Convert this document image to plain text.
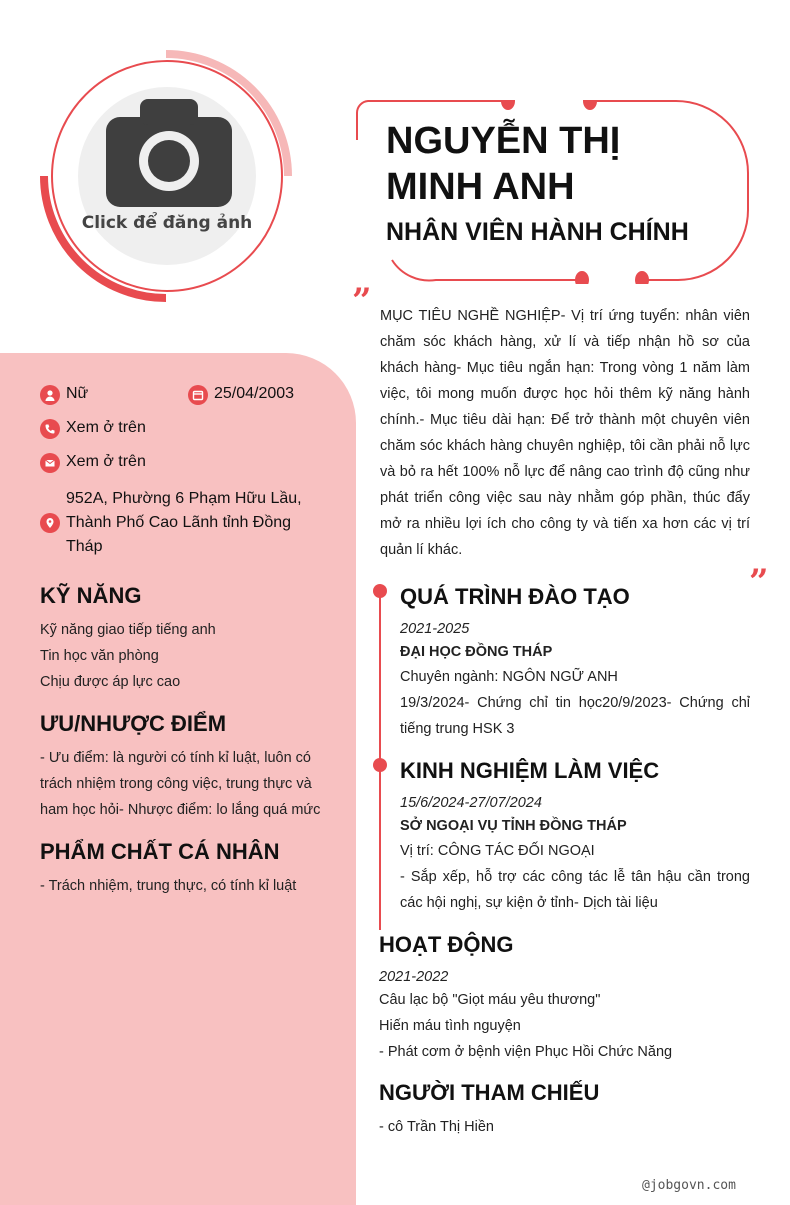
Click để đăng ảnh
NGUYỄN THỊ MINH ANH
NHÂN VIÊN HÀNH CHÍNH
”
”
MỤC TIÊU NGHỀ NGHIỆP- Vị trí ứng tuyển: nhân viên chăm sóc khách hàng, xử lí và tiếp nhận hồ sơ của khách hàng- Mục tiêu ngắn hạn: Trong vòng 1 năm làm việc, tôi mong muốn được học hỏi thêm kỹ năng hành chính.- Mục tiêu dài hạn: Để trở thành một chuyên viên chăm sóc khách hàng chuyên nghiệp, tôi cần phải nỗ lực và bỏ ra hết 100% nỗ lực để nâng cao trình độ cũng như phát triển công việc sau này nhằm góp phần, thúc đẩy mở ra nhiều lợi ích cho công ty và tiến xa hơn các vị trí quản lí khác.
Nữ	25/04/2003
Xem ở trên
Xem ở trên
952A, Phường 6 Phạm Hữu Lầu, Thành Phố Cao Lãnh tỉnh Đồng Tháp
KỸ NĂNG
Kỹ năng giao tiếp tiếng anh
Tin học văn phòng
Chịu được áp lực cao
ƯU/NHƯỢC ĐIỂM
- Ưu điểm: là người có tính kỉ luật, luôn có trách nhiệm trong công việc, trung thực và ham học hỏi- Nhược điểm: lo lắng quá mức
PHẨM CHẤT CÁ NHÂN
- Trách nhiệm, trung thực, có tính kỉ luật
QUÁ TRÌNH ĐÀO TẠO
2021-2025
ĐẠI HỌC ĐỒNG THÁP
Chuyên ngành: NGÔN NGỮ ANH
19/3/2024- Chứng chỉ tin học20/9/2023- Chứng chỉ tiếng trung HSK 3
KINH NGHIỆM LÀM VIỆC
15/6/2024-27/07/2024
SỞ NGOẠI VỤ TỈNH ĐỒNG THÁP
Vị trí: CÔNG TÁC ĐỐI NGOẠI
- Sắp xếp, hỗ trợ các công tác lễ tân hậu cần trong các hội nghị, sự kiện ở tỉnh- Dịch tài liệu
HOẠT ĐỘNG
2021-2022
Câu lạc bộ "Giọt máu yêu thương"
Hiến máu tình nguyện
- Phát cơm ở bệnh viện Phục Hồi Chức Năng
NGƯỜI THAM CHIẾU
- cô Trần Thị Hiền
@jobgovn.com
